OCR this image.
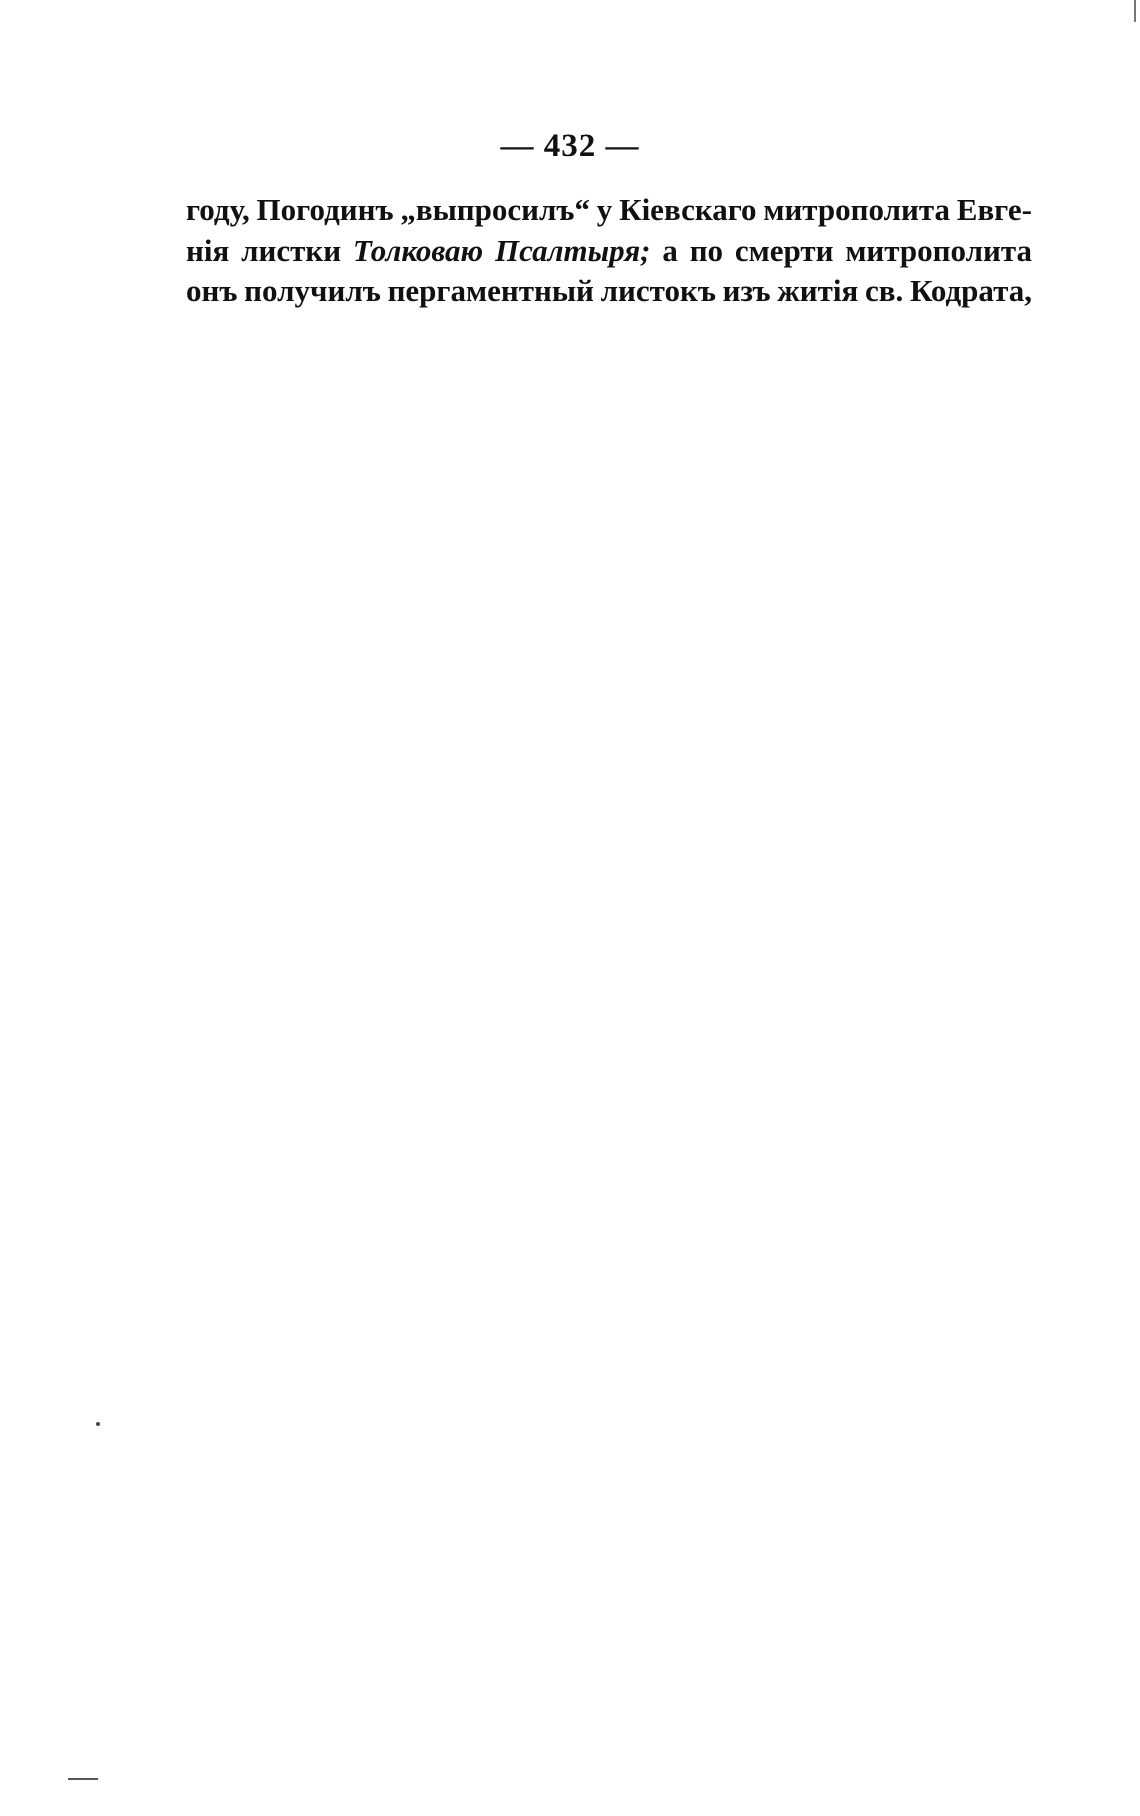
— 432 —
году, Погодинъ „выпросилъ“ у Кіевскаго митрополита Евге-
нія листки Толковаю Псалтыря; а по смерти митрополита
онъ получилъ пергаментный листокъ изъ житія св. Кодрата,
